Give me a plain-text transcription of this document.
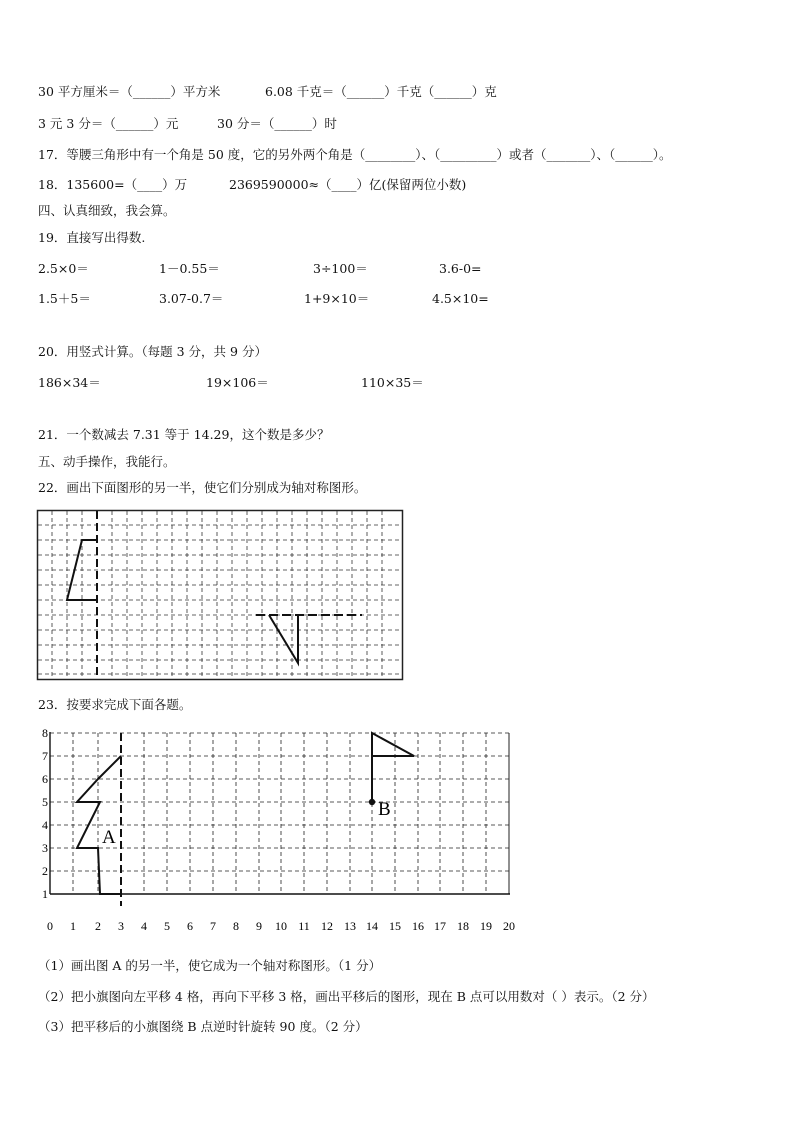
30 平方厘米＝（______）平方米	6.08 千克＝（______）千克（______）克
3 元 3 分＝（______）元	30 分＝（______）时
17．等腰三角形中有一个角是 50 度，它的另外两个角是（________）、（_________）或者（_______）、（______）。
18．135600=（____）万	2369590000≈（____）亿(保留两位小数)
四、认真细致，我会算。
19．直接写出得数.
2.5×0＝	1－0.55＝	3÷100＝	3.6-0=
1.5＋5＝	3.07-0.7＝	1+9×10＝	4.5×10=
20．用竖式计算。（每题 3 分，共 9 分）
186×34＝	19×106＝	110×35＝
21．一个数减去 7.31 等于 14.29，这个数是多少？
五、动手操作，我能行。
22．画出下面图形的另一半，使它们分别成为轴对称图形。
23．按要求完成下面各题。
8
7
6
5
4
3
2
1
0 1 2 3 4 5 6 7 8 9 10 11 12 13 14 15 16 17 18 19 20
A
B
（1）画出图 A 的另一半，使它成为一个轴对称图形。（1 分）
（2）把小旗图向左平移 4 格，再向下平移 3 格，画出平移后的图形，现在 B 点可以用数对（ ）表示。（2 分）
（3）把平移后的小旗图绕 B 点逆时针旋转 90 度。（2 分）
